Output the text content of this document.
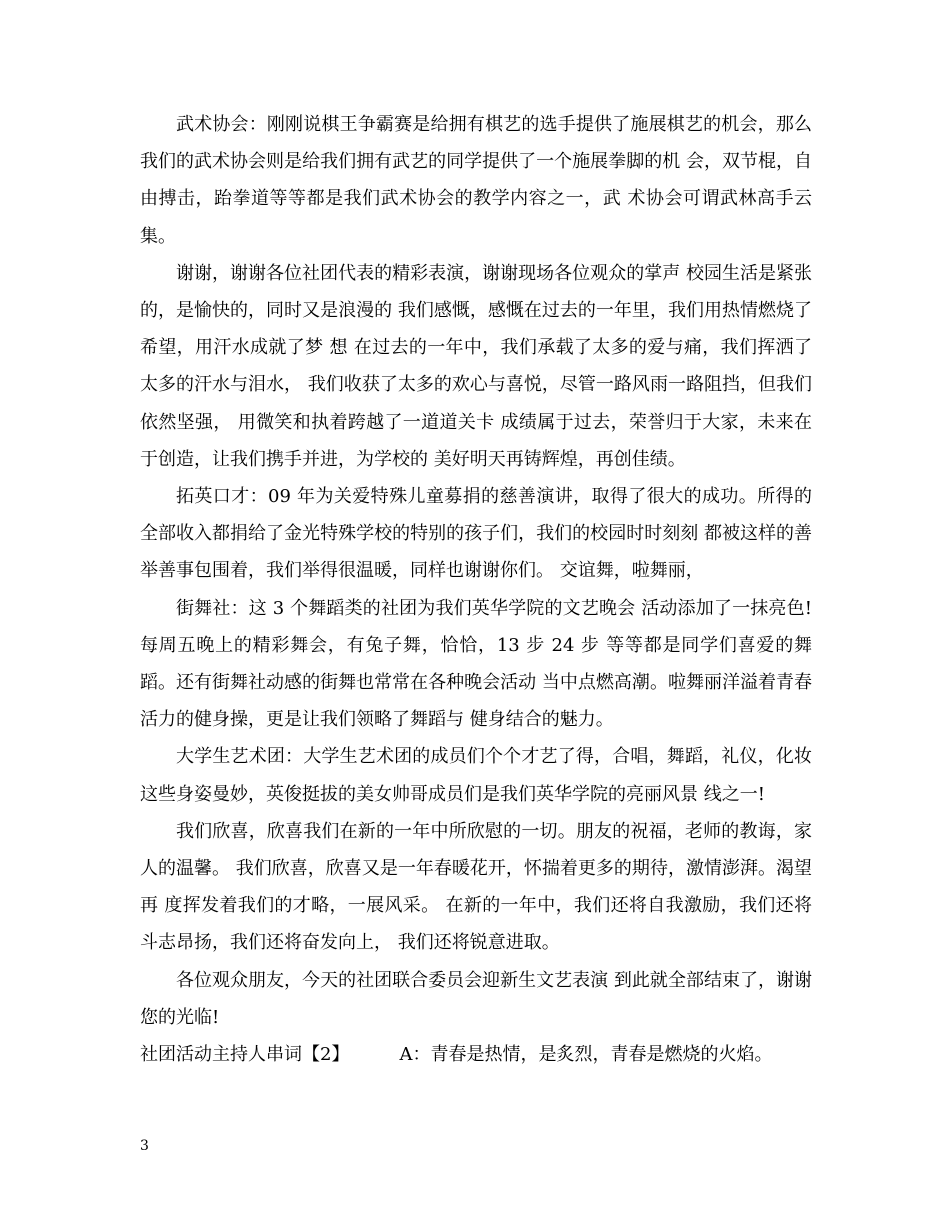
武术协会：刚刚说棋王争霸赛是给拥有棋艺的选手提供了施展棋艺的机会，那么我们的武术协会则是给我们拥有武艺的同学提供了一个施展拳脚的机 会，双节棍，自由搏击，跆拳道等等都是我们武术协会的教学内容之一，武 术协会可谓武林高手云集。

谢谢，谢谢各位社团代表的精彩表演，谢谢现场各位观众的掌声 校园生活是紧张的，是愉快的，同时又是浪漫的 我们感慨，感慨在过去的一年里，我们用热情燃烧了希望，用汗水成就了梦 想 在过去的一年中，我们承载了太多的爱与痛，我们挥洒了太多的汗水与泪水， 我们收获了太多的欢心与喜悦，尽管一路风雨一路阻挡，但我们依然坚强， 用微笑和执着跨越了一道道关卡 成绩属于过去，荣誉归于大家，未来在于创造，让我们携手并进，为学校的 美好明天再铸辉煌，再创佳绩。

拓英口才：09 年为关爱特殊儿童募捐的慈善演讲，取得了很大的成功。所得的全部收入都捐给了金光特殊学校的特别的孩子们，我们的校园时时刻刻 都被这样的善举善事包围着，我们举得很温暖，同样也谢谢你们。 交谊舞，啦舞丽，

街舞社：这 3 个舞蹈类的社团为我们英华学院的文艺晚会 活动添加了一抹亮色!每周五晚上的精彩舞会，有兔子舞，恰恰，13 步 24 步 等等都是同学们喜爱的舞蹈。还有街舞社动感的街舞也常常在各种晚会活动 当中点燃高潮。啦舞丽洋溢着青春活力的健身操，更是让我们领略了舞蹈与 健身结合的魅力。

大学生艺术团：大学生艺术团的成员们个个才艺了得，合唱，舞蹈，礼仪，化妆这些身姿曼妙，英俊挺拔的美女帅哥成员们是我们英华学院的亮丽风景 线之一!

我们欣喜，欣喜我们在新的一年中所欣慰的一切。朋友的祝福，老师的教诲，家人的温馨。 我们欣喜，欣喜又是一年春暖花开，怀揣着更多的期待，激情澎湃。渴望再 度挥发着我们的才略，一展风采。 在新的一年中，我们还将自我激励，我们还将斗志昂扬，我们还将奋发向上， 我们还将锐意进取。

各位观众朋友，今天的社团联合委员会迎新生文艺表演 到此就全部结束了，谢谢您的光临!

社团活动主持人串词【2】	A：青春是热情，是炙烈，青春是燃烧的火焰。

3
